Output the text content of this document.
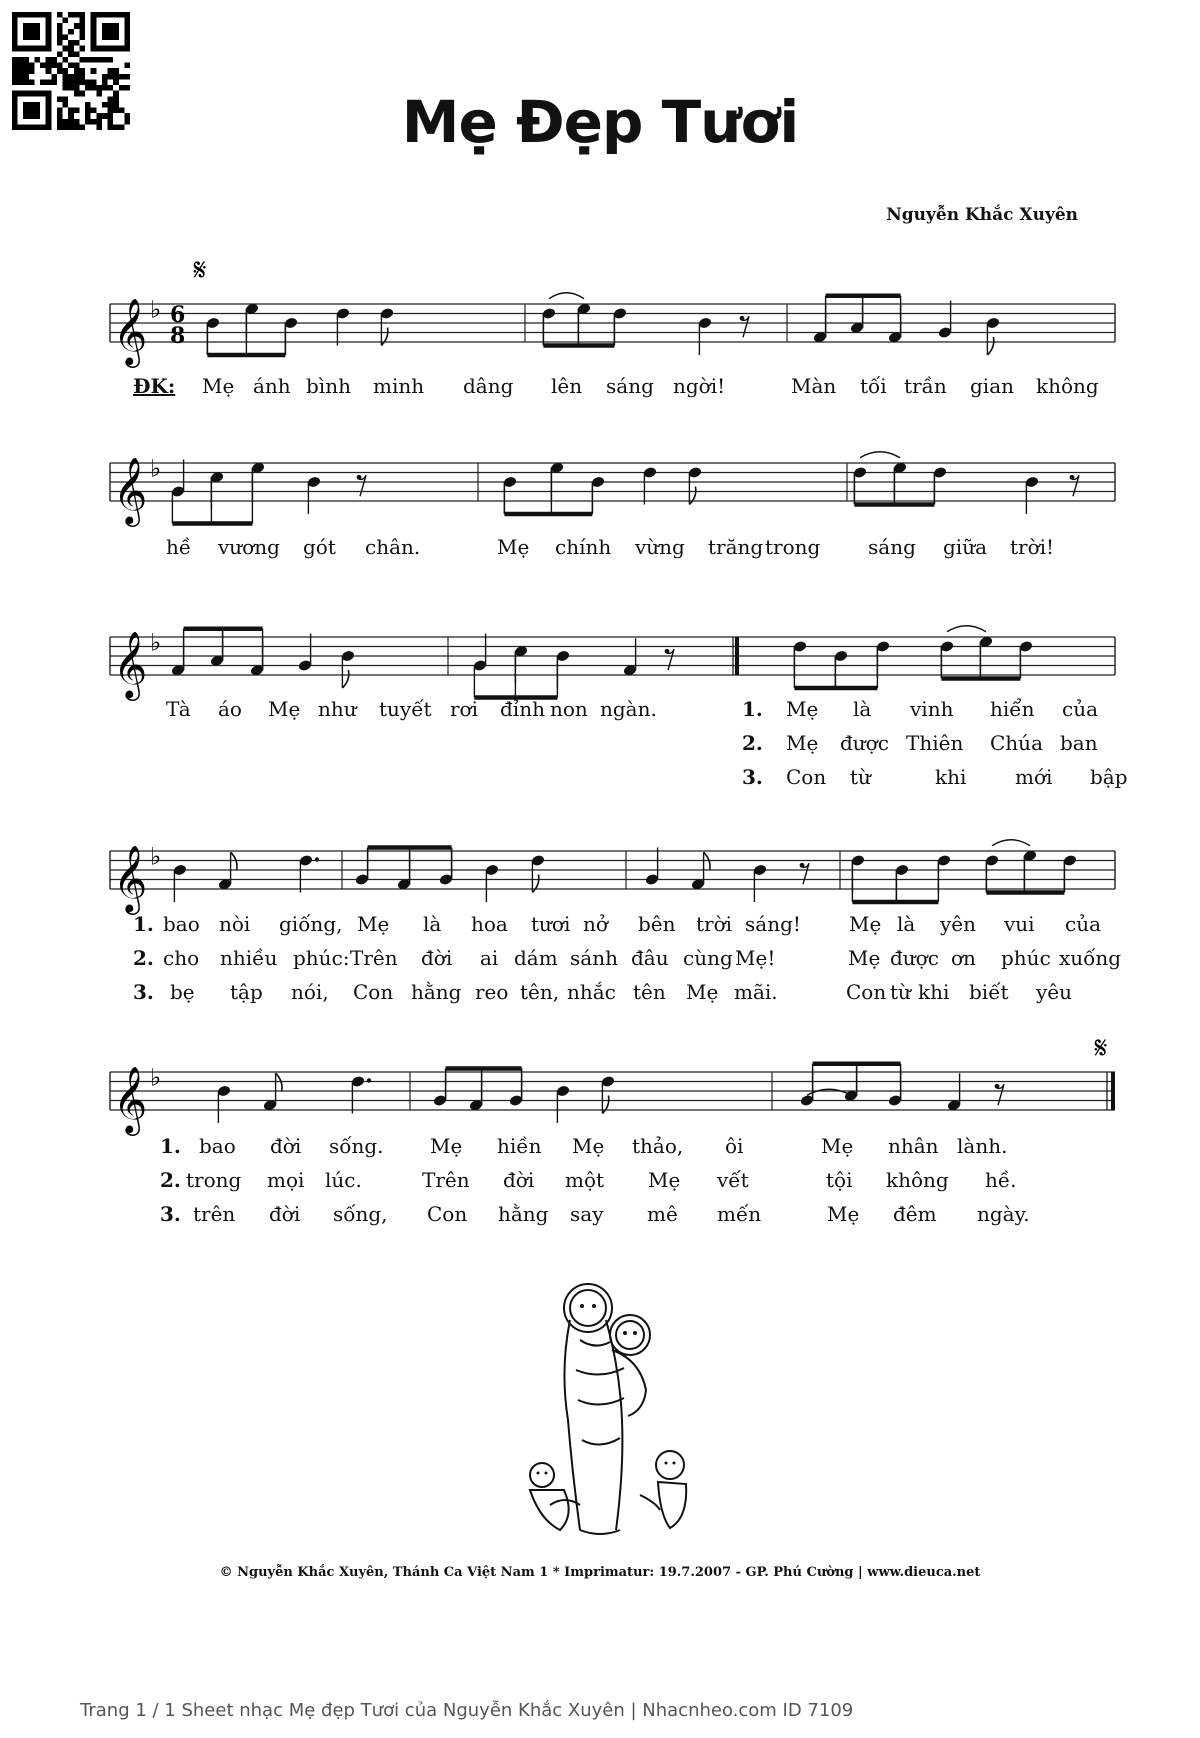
Mẹ Đẹp Tươi
Nguyễn Khắc Xuyên
𝄞 ♭ 6
8
𝄞 ♭
𝄞 ♭
𝄞 ♭
𝄞 ♭
𝄋
𝄋
ĐK: Mẹ ánh bình minh dâng lên sáng ngời!	Màn tối trần gian không
hề vương gót chân.	Mẹ chính vừng trăng trong sáng giữa trời!
Tà áo Mẹ như tuyết rơi đỉnh non ngàn.	1. Mẹ là vinh hiển của
2. Mẹ được Thiên Chúa ban
3. Con từ	khi mới bập
1. bao nòi giống, Mẹ là hoa tươi nở bên trời sáng! Mẹ là yên vui của
2. cho nhiều phúc: Trên đời ai dám sánh đâu cùng Mẹ!	Mẹ được ơn phúc xuống
3. bẹ tập nói, Con hằng reo tên, nhắc tên Mẹ mãi.	Con từ khi biết yêu
1. bao đời sống. Mẹ hiền Mẹ thảo, ôi	Mẹ nhân lành.
2. trong mọi lúc.	Trên đời một Mẹ vết	tội không hề.
3. trên đời sống, Con hằng say mê mến	Mẹ đêm ngày.
© Nguyễn Khắc Xuyên, Thánh Ca Việt Nam 1 * Imprimatur: 19.7.2007 - GP. Phú Cường | www.dieuca.net
Trang 1 / 1 Sheet nhạc Mẹ đẹp Tươi của Nguyễn Khắc Xuyên | Nhacnheo.com ID 7109
